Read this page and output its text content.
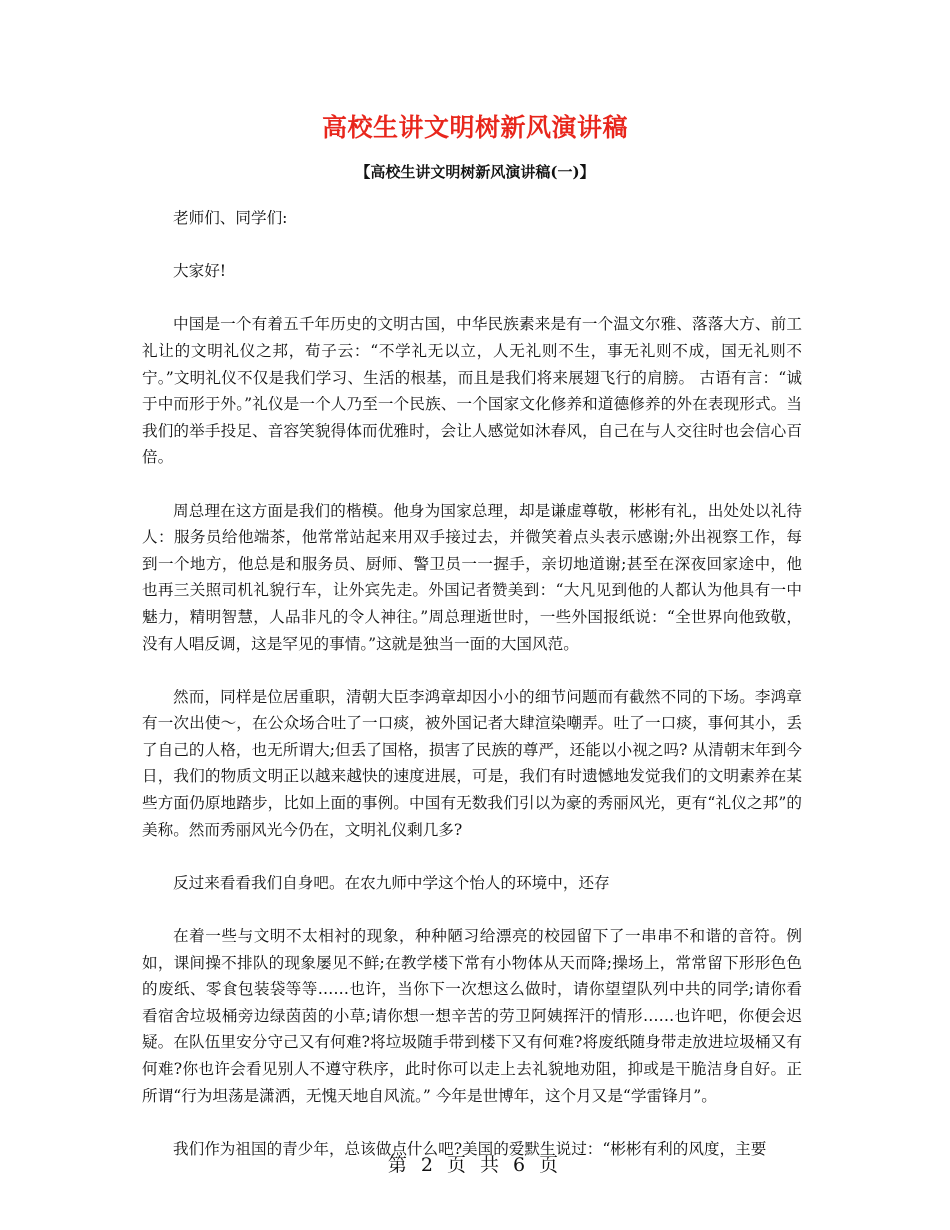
高校生讲文明树新风演讲稿
【高校生讲文明树新风演讲稿(一)】

老师们、同学们:

大家好!

中国是一个有着五千年历史的文明古国，中华民族素来是有一个温文尔雅、落落大方、前工礼让的文明礼仪之邦，荀子云：“不学礼无以立，人无礼则不生，事无礼则不成，国无礼则不宁。”文明礼仪不仅是我们学习、生活的根基，而且是我们将来展翅飞行的肩膀。 古语有言：“诚于中而形于外。”礼仪是一个人乃至一个民族、一个国家文化修养和道德修养的外在表现形式。当我们的举手投足、音容笑貌得体而优雅时，会让人感觉如沐春风，自己在与人交往时也会信心百倍。

周总理在这方面是我们的楷模。他身为国家总理，却是谦虚尊敬，彬彬有礼，出处处以礼待人：服务员给他端茶，他常常站起来用双手接过去，并微笑着点头表示感谢;外出视察工作，每到一个地方，他总是和服务员、厨师、警卫员一一握手，亲切地道谢;甚至在深夜回家途中，他也再三关照司机礼貌行车，让外宾先走。外国记者赞美到：“大凡见到他的人都认为他具有一中魅力，精明智慧，人品非凡的令人神往。”周总理逝世时，一些外国报纸说：“全世界向他致敬，没有人唱反调，这是罕见的事情。”这就是独当一面的大国风范。

然而，同样是位居重职，清朝大臣李鸿章却因小小的细节问题而有截然不同的下场。李鸿章有一次出使～，在公众场合吐了一口痰，被外国记者大肆渲染嘲弄。吐了一口痰，事何其小，丢了自己的人格，也无所谓大;但丢了国格，损害了民族的尊严，还能以小视之吗? 从清朝末年到今日，我们的物质文明正以越来越快的速度进展，可是，我们有时遗憾地发觉我们的文明素养在某些方面仍原地踏步，比如上面的事例。中国有无数我们引以为豪的秀丽风光，更有“礼仪之邦”的美称。然而秀丽风光今仍在，文明礼仪剩几多?

反过来看看我们自身吧。在农九师中学这个怡人的环境中，还存

在着一些与文明不太相衬的现象，种种陋习给漂亮的校园留下了一串串不和谐的音符。例如，课间操不排队的现象屡见不鲜;在教学楼下常有小物体从天而降;操场上，常常留下形形色色的废纸、零食包装袋等等……也许，当你下一次想这么做时，请你望望队列中共的同学;请你看看宿舍垃圾桶旁边绿茵茵的小草;请你想一想辛苦的劳卫阿姨挥汗的情形……也许吧，你便会迟疑。在队伍里安分守己又有何难?将垃圾随手带到楼下又有何难?将废纸随身带走放进垃圾桶又有何难?你也许会看见别人不遵守秩序，此时你可以走上去礼貌地劝阻，抑或是干脆洁身自好。正所谓“行为坦荡是潇洒，无愧天地自风流。” 今年是世博年，这个月又是“学雷锋月”。

我们作为祖国的青少年，总该做点什么吧?美国的爱默生说过：“彬彬有利的风度，主要

第 2 页 共 6 页
